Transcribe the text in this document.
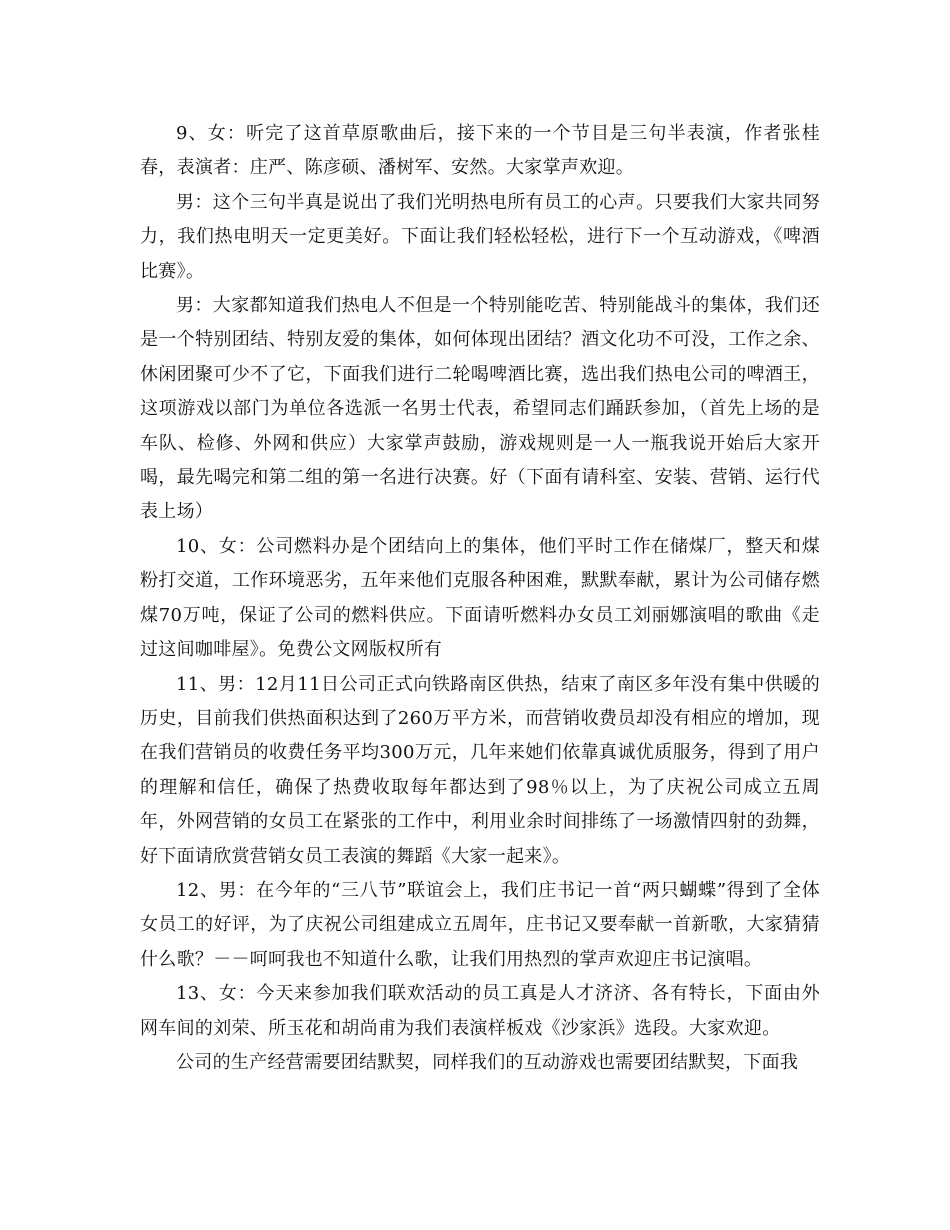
9、女：听完了这首草原歌曲后，接下来的一个节目是三句半表演，作者张桂春，表演者：庄严、陈彦硕、潘树军、安然。大家掌声欢迎。

男：这个三句半真是说出了我们光明热电所有员工的心声。只要我们大家共同努力，我们热电明天一定更美好。下面让我们轻松轻松，进行下一个互动游戏，《啤酒比赛》。

男：大家都知道我们热电人不但是一个特别能吃苦、特别能战斗的集体，我们还是一个特别团结、特别友爱的集体，如何体现出团结？酒文化功不可没，工作之余、休闲团聚可少不了它，下面我们进行二轮喝啤酒比赛，选出我们热电公司的啤酒王，这项游戏以部门为单位各选派一名男士代表，希望同志们踊跃参加，（首先上场的是车队、检修、外网和供应）大家掌声鼓励，游戏规则是一人一瓶我说开始后大家开喝，最先喝完和第二组的第一名进行决赛。好（下面有请科室、安装、营销、运行代表上场）

10、女：公司燃料办是个团结向上的集体，他们平时工作在储煤厂，整天和煤粉打交道，工作环境恶劣，五年来他们克服各种困难，默默奉献，累计为公司储存燃煤70万吨，保证了公司的燃料供应。下面请听燃料办女员工刘丽娜演唱的歌曲《走过这间咖啡屋》。免费公文网版权所有

11、男：12月11日公司正式向铁路南区供热，结束了南区多年没有集中供暖的历史，目前我们供热面积达到了260万平方米，而营销收费员却没有相应的增加，现在我们营销员的收费任务平均300万元，几年来她们依靠真诚优质服务，得到了用户的理解和信任，确保了热费收取每年都达到了98％以上，为了庆祝公司成立五周年，外网营销的女员工在紧张的工作中，利用业余时间排练了一场激情四射的劲舞，好下面请欣赏营销女员工表演的舞蹈《大家一起来》。

12、男：在今年的“三八节”联谊会上，我们庄书记一首“两只蝴蝶”得到了全体女员工的好评，为了庆祝公司组建成立五周年，庄书记又要奉献一首新歌，大家猜猜什么歌？－－呵呵我也不知道什么歌，让我们用热烈的掌声欢迎庄书记演唱。

13、女：今天来参加我们联欢活动的员工真是人才济济、各有特长，下面由外网车间的刘荣、所玉花和胡尚甫为我们表演样板戏《沙家浜》选段。大家欢迎。

公司的生产经营需要团结默契，同样我们的互动游戏也需要团结默契，下面我
